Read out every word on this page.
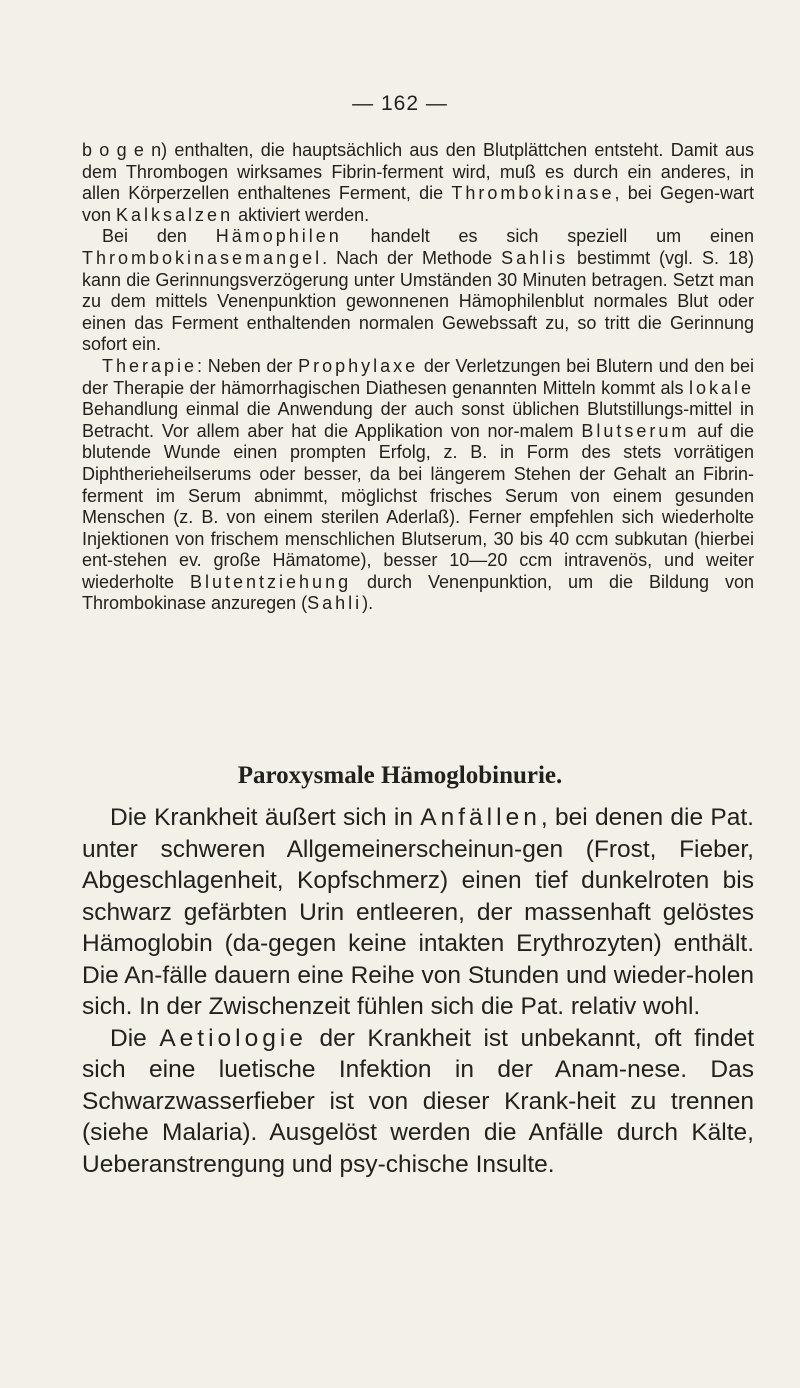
— 162 —

b o g e n) enthalten, die hauptsächlich aus den Blutplättchen entsteht. Damit aus dem Thrombogen wirksames Fibrin-ferment wird, muß es durch ein anderes, in allen Körperzellen enthaltenes Ferment, die Thrombokinase, bei Gegen-wart von Kalksalzen aktiviert werden.

Bei den Hämophilen handelt es sich speziell um einen Thrombokinasemangel. Nach der Methode Sahlis bestimmt (vgl. S. 18) kann die Gerinnungsverzögerung unter Umständen 30 Minuten betragen. Setzt man zu dem mittels Venenpunktion gewonnenen Hämophilenblut normales Blut oder einen das Ferment enthaltenden normalen Gewebssaft zu, so tritt die Gerinnung sofort ein.

Therapie: Neben der Prophylaxe der Verletzungen bei Blutern und den bei der Therapie der hämorrhagischen Diathesen genannten Mitteln kommt als lokale Behandlung einmal die Anwendung der auch sonst üblichen Blutstillungs-mittel in Betracht. Vor allem aber hat die Applikation von nor-malem Blutserum auf die blutende Wunde einen prompten Erfolg, z. B. in Form des stets vorrätigen Diphtherieheilserums oder besser, da bei längerem Stehen der Gehalt an Fibrin-ferment im Serum abnimmt, möglichst frisches Serum von einem gesunden Menschen (z. B. von einem sterilen Aderlaß). Ferner empfehlen sich wiederholte Injektionen von frischem menschlichen Blutserum, 30 bis 40 ccm subkutan (hierbei ent-stehen ev. große Hämatome), besser 10—20 ccm intravenös, und weiter wiederholte Blutentziehung durch Venenpunktion, um die Bildung von Thrombokinase anzuregen (Sahli).

Paroxysmale Hämoglobinurie.

Die Krankheit äußert sich in Anfällen, bei denen die Pat. unter schweren Allgemeinerscheinun-gen (Frost, Fieber, Abgeschlagenheit, Kopfschmerz) einen tief dunkelroten bis schwarz gefärbten Urin entleeren, der massenhaft gelöstes Hämoglobin (da-gegen keine intakten Erythrozyten) enthält. Die An-fälle dauern eine Reihe von Stunden und wieder-holen sich. In der Zwischenzeit fühlen sich die Pat. relativ wohl.

Die Aetiologie der Krankheit ist unbekannt, oft findet sich eine luetische Infektion in der Anam-nese. Das Schwarzwasserfieber ist von dieser Krank-heit zu trennen (siehe Malaria). Ausgelöst werden die Anfälle durch Kälte, Ueberanstrengung und psy-chische Insulte.
